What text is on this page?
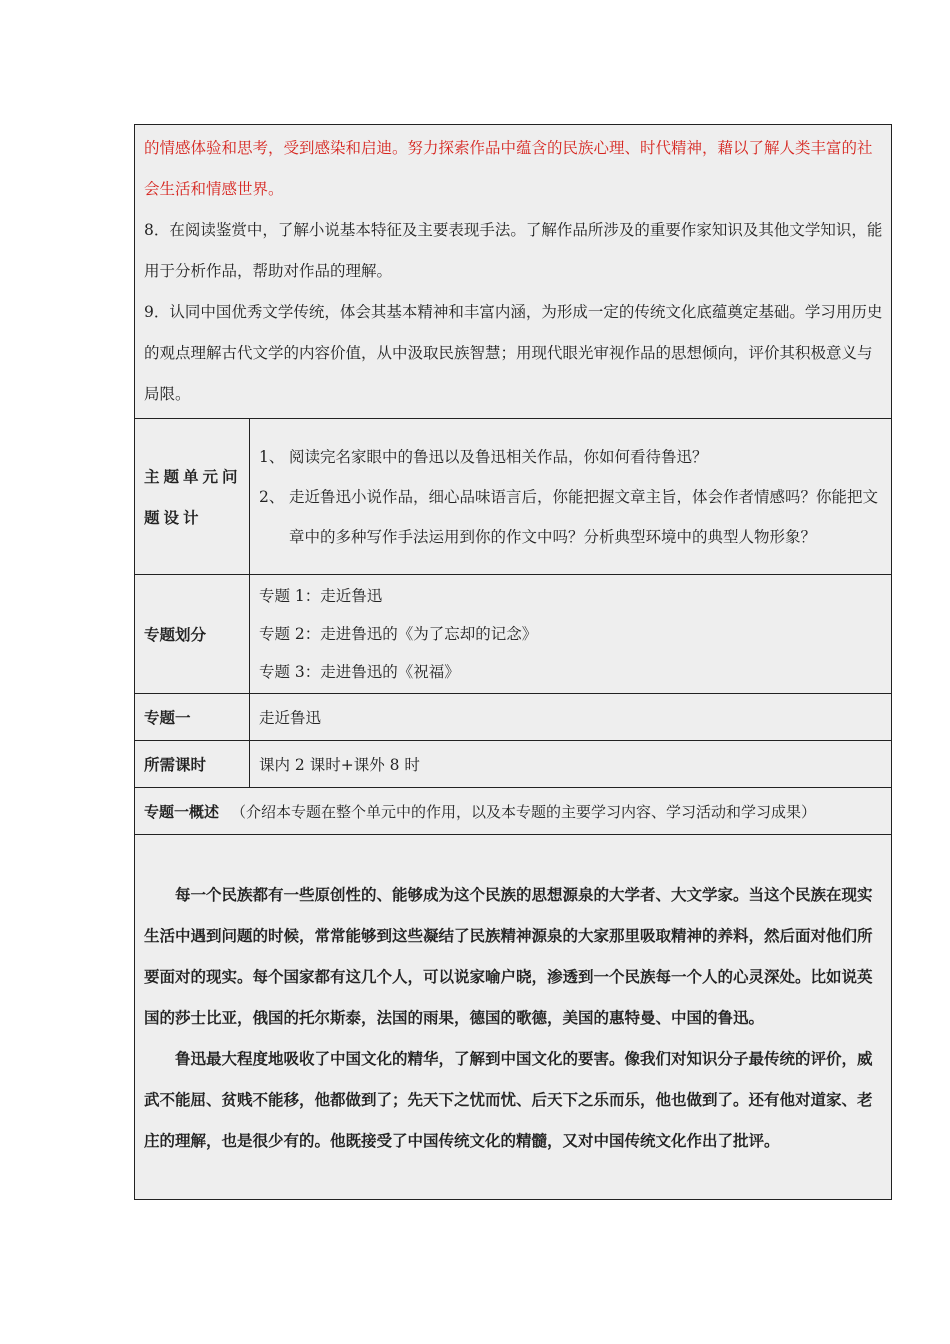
的情感体验和思考，受到感染和启迪。努力探索作品中蕴含的民族心理、时代精神，藉以了解人类丰富的社会生活和情感世界。

8．在阅读鉴赏中，了解小说基本特征及主要表现手法。了解作品所涉及的重要作家知识及其他文学知识，能用于分析作品，帮助对作品的理解。

9．认同中国优秀文学传统，体会其基本精神和丰富内涵，为形成一定的传统文化底蕴奠定基础。学习用历史的观点理解古代文学的内容价值，从中汲取民族智慧；用现代眼光审视作品的思想倾向，评价其积极意义与局限。	

主题单元问题设计	1、 阅读完名家眼中的鲁迅以及鲁迅相关作品，你如何看待鲁迅？
2、 走近鲁迅小说作品，细心品味语言后，你能把握文章主旨，体会作者情感吗？你能把文章中的多种写作手法运用到你的作文中吗？分析典型环境中的典型人物形象？

专题划分	专题 1：走近鲁迅

专题 2：走进鲁迅的《为了忘却的记念》

专题 3：走进鲁迅的《祝福》

专题一	走近鲁迅

所需课时	课内 2 课时+课外 8 时
专题一概述 （介绍本专题在整个单元中的作用，以及本专题的主要学习内容、学习活动和学习成果）	

每一个民族都有一些原创性的、能够成为这个民族的思想源泉的大学者、大文学家。当这个民族在现实生活中遇到问题的时候，常常能够到这些凝结了民族精神源泉的大家那里吸取精神的养料，然后面对他们所要面对的现实。每个国家都有这几个人，可以说家喻户晓，渗透到一个民族每一个人的心灵深处。比如说英国的莎士比亚，俄国的托尔斯泰，法国的雨果，德国的歌德，美国的惠特曼、中国的鲁迅。

鲁迅最大程度地吸收了中国文化的精华，了解到中国文化的要害。像我们对知识分子最传统的评价，威武不能屈、贫贱不能移，他都做到了；先天下之忧而忧、后天下之乐而乐，他也做到了。还有他对道家、老庄的理解，也是很少有的。他既接受了中国传统文化的精髓，又对中国传统文化作出了批评。	
